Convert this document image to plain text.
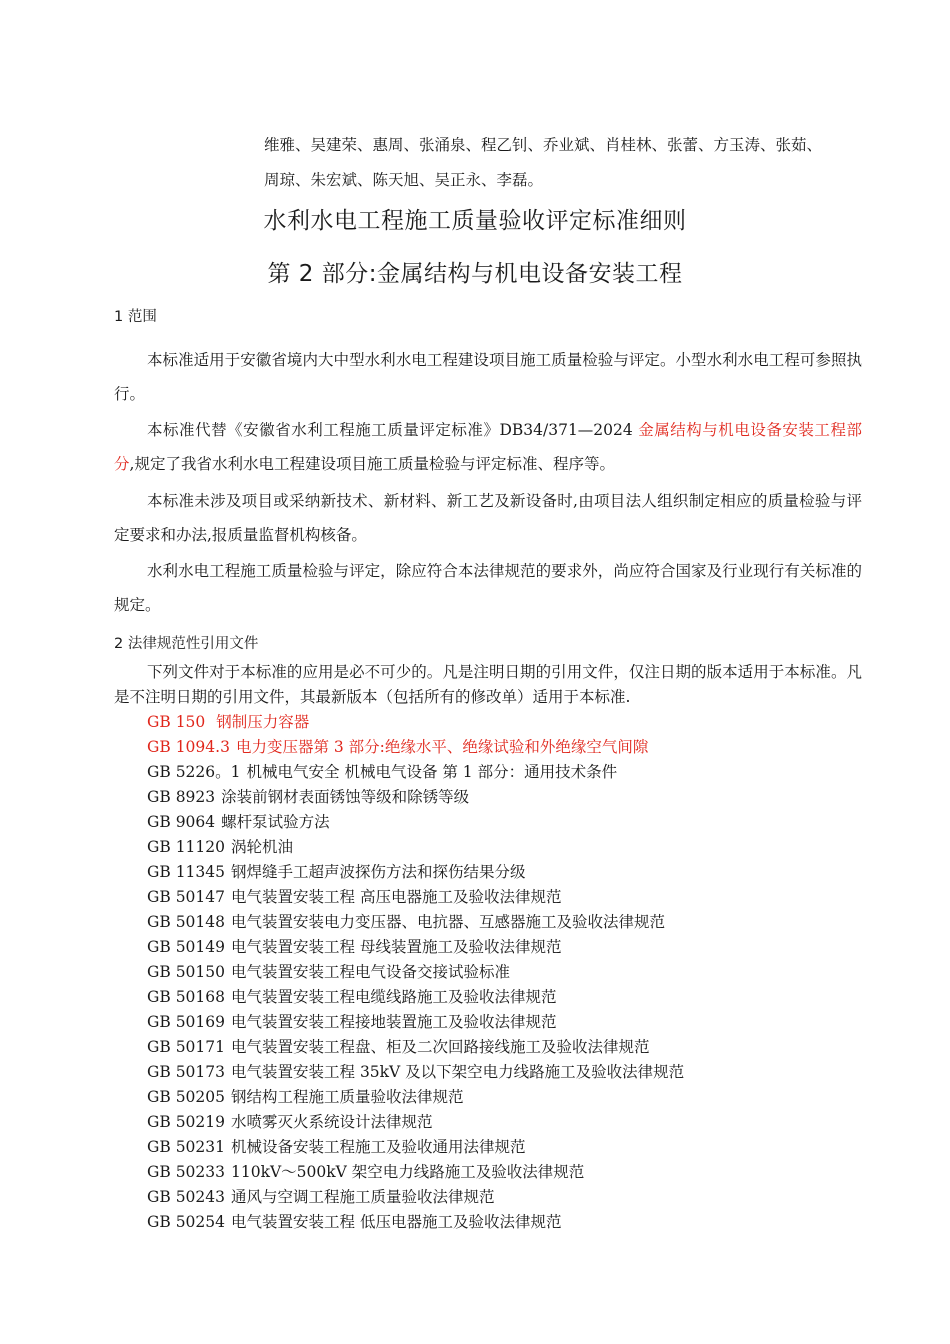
维雅、吴建荣、惠周、张涌泉、程乙钊、乔业斌、肖桂林、张蕾、方玉涛、张茹、
周琼、朱宏斌、陈天旭、吴正永、李磊。
水利水电工程施工质量验收评定标准细则
第 2 部分:金属结构与机电设备安装工程
1 范围
本标准适用于安徽省境内大中型水利水电工程建设项目施工质量检验与评定。小型水利水电工程可参照执行。
本标准代替《安徽省水利工程施工质量评定标准》DB34/371—2024 金属结构与机电设备安装工程部分,规定了我省水利水电工程建设项目施工质量检验与评定标准、程序等。
本标准未涉及项目或采纳新技术、新材料、新工艺及新设备时,由项目法人组织制定相应的质量检验与评定要求和办法,报质量监督机构核备。
水利水电工程施工质量检验与评定，除应符合本法律规范的要求外，尚应符合国家及行业现行有关标准的规定。
2 法律规范性引用文件
下列文件对于本标准的应用是必不可少的。凡是注明日期的引用文件，仅注日期的版本适用于本标准。凡是不注明日期的引用文件，其最新版本（包括所有的修改单）适用于本标准.
GB 150 钢制压力容器
GB 1094.3 电力变压器第 3 部分:绝缘水平、绝缘试验和外绝缘空气间隙
GB 5226。1 机械电气安全 机械电气设备 第 1 部分：通用技术条件
GB 8923 涂装前钢材表面锈蚀等级和除锈等级
GB 9064 螺杆泵试验方法
GB 11120 涡轮机油
GB 11345 钢焊缝手工超声波探伤方法和探伤结果分级
GB 50147 电气装置安装工程 高压电器施工及验收法律规范
GB 50148 电气装置安装电力变压器、电抗器、互感器施工及验收法律规范
GB 50149 电气装置安装工程 母线装置施工及验收法律规范
GB 50150 电气装置安装工程电气设备交接试验标准
GB 50168 电气装置安装工程电缆线路施工及验收法律规范
GB 50169 电气装置安装工程接地装置施工及验收法律规范
GB 50171 电气装置安装工程盘、柜及二次回路接线施工及验收法律规范
GB 50173 电气装置安装工程 35kV 及以下架空电力线路施工及验收法律规范
GB 50205 钢结构工程施工质量验收法律规范
GB 50219 水喷雾灭火系统设计法律规范
GB 50231 机械设备安装工程施工及验收通用法律规范
GB 50233 110kV～500kV 架空电力线路施工及验收法律规范
GB 50243 通风与空调工程施工质量验收法律规范
GB 50254 电气装置安装工程 低压电器施工及验收法律规范
